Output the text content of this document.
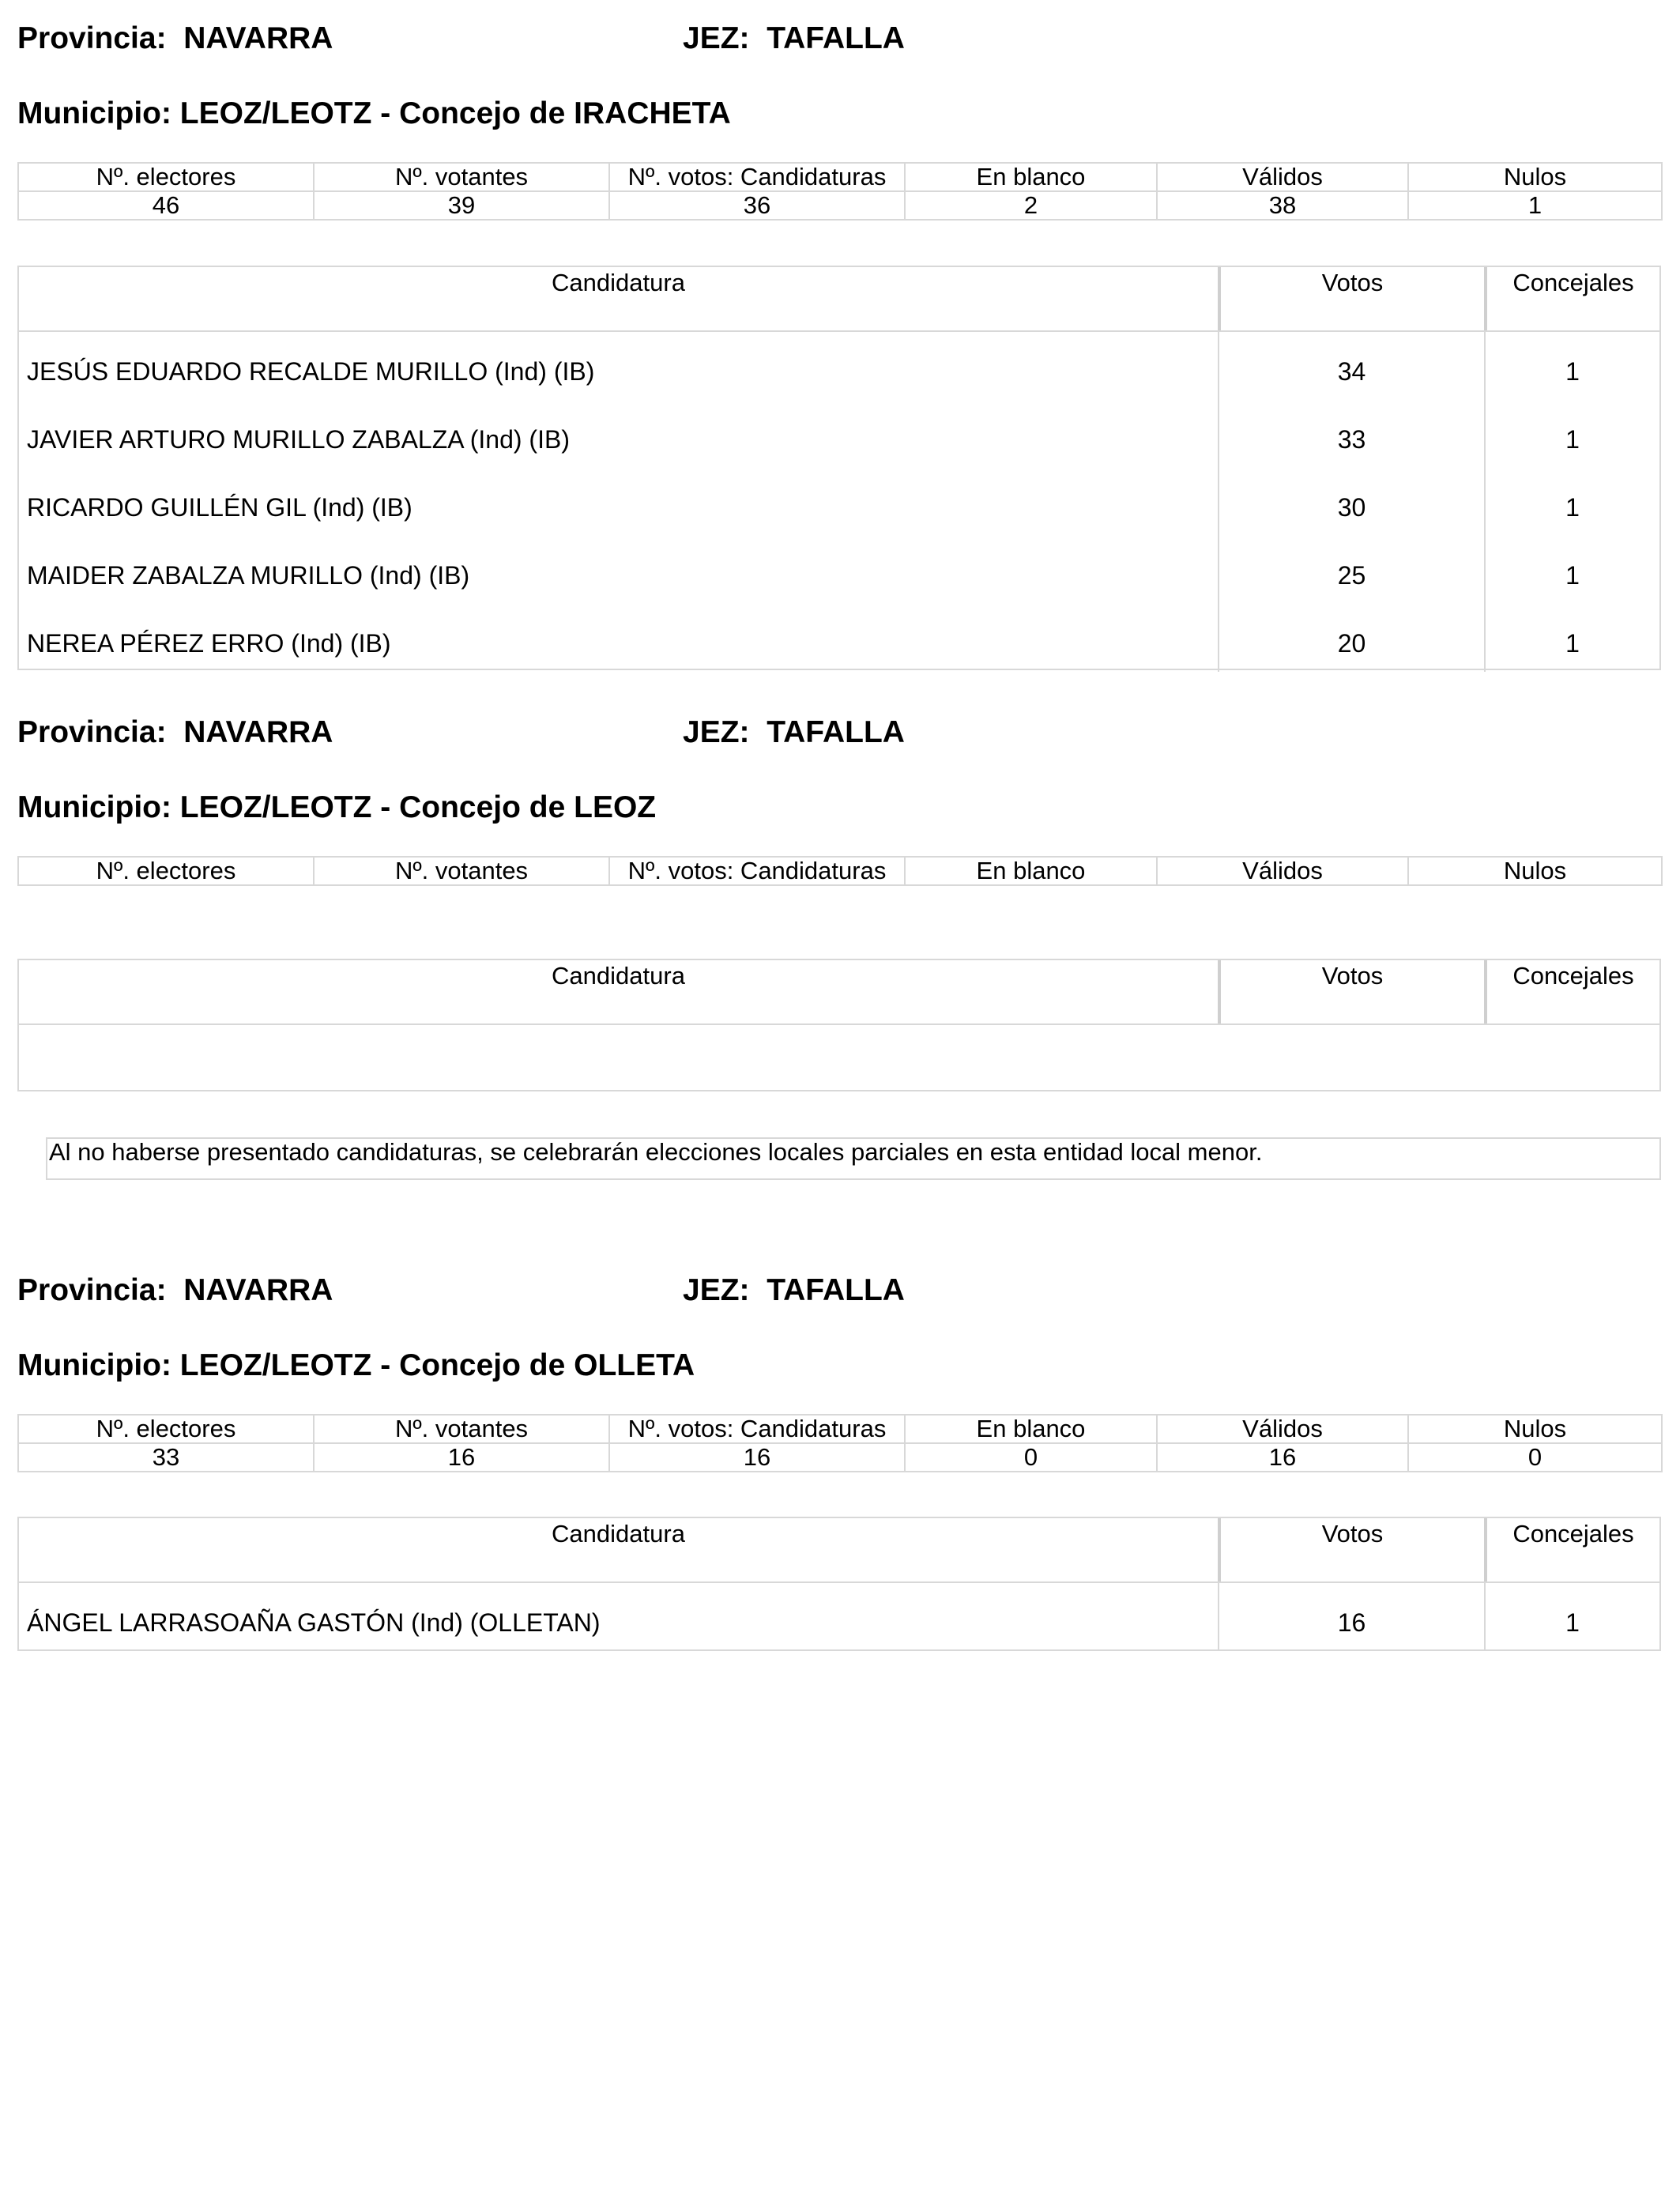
Provincia: NAVARRA	JEZ: TAFALLA
Municipio: LEOZ/LEOTZ - Concejo de IRACHETA
Nº. electores	Nº. votantes	Nº. votos: Candidaturas	En blanco	Válidos	Nulos
46	39	36	2	38	1
Candidatura	Votos	Concejales
JESÚS EDUARDO RECALDE MURILLO (Ind) (IB)	34	1
JAVIER ARTURO MURILLO ZABALZA (Ind) (IB)	33	1
RICARDO GUILLÉN GIL (Ind) (IB)	30	1
MAIDER ZABALZA MURILLO (Ind) (IB)	25	1
NEREA PÉREZ ERRO (Ind) (IB)	20	1
Provincia: NAVARRA	JEZ: TAFALLA
Municipio: LEOZ/LEOTZ - Concejo de LEOZ
Nº. electores	Nº. votantes	Nº. votos: Candidaturas	En blanco	Válidos	Nulos
Candidatura	Votos	Concejales
Al no haberse presentado candidaturas, se celebrarán elecciones locales parciales en esta entidad local menor.
Provincia: NAVARRA	JEZ: TAFALLA
Municipio: LEOZ/LEOTZ - Concejo de OLLETA
Nº. electores	Nº. votantes	Nº. votos: Candidaturas	En blanco	Válidos	Nulos
33	16	16	0	16	0
Candidatura	Votos	Concejales
ÁNGEL LARRASOAÑA GASTÓN (Ind) (OLLETAN)	16	1
